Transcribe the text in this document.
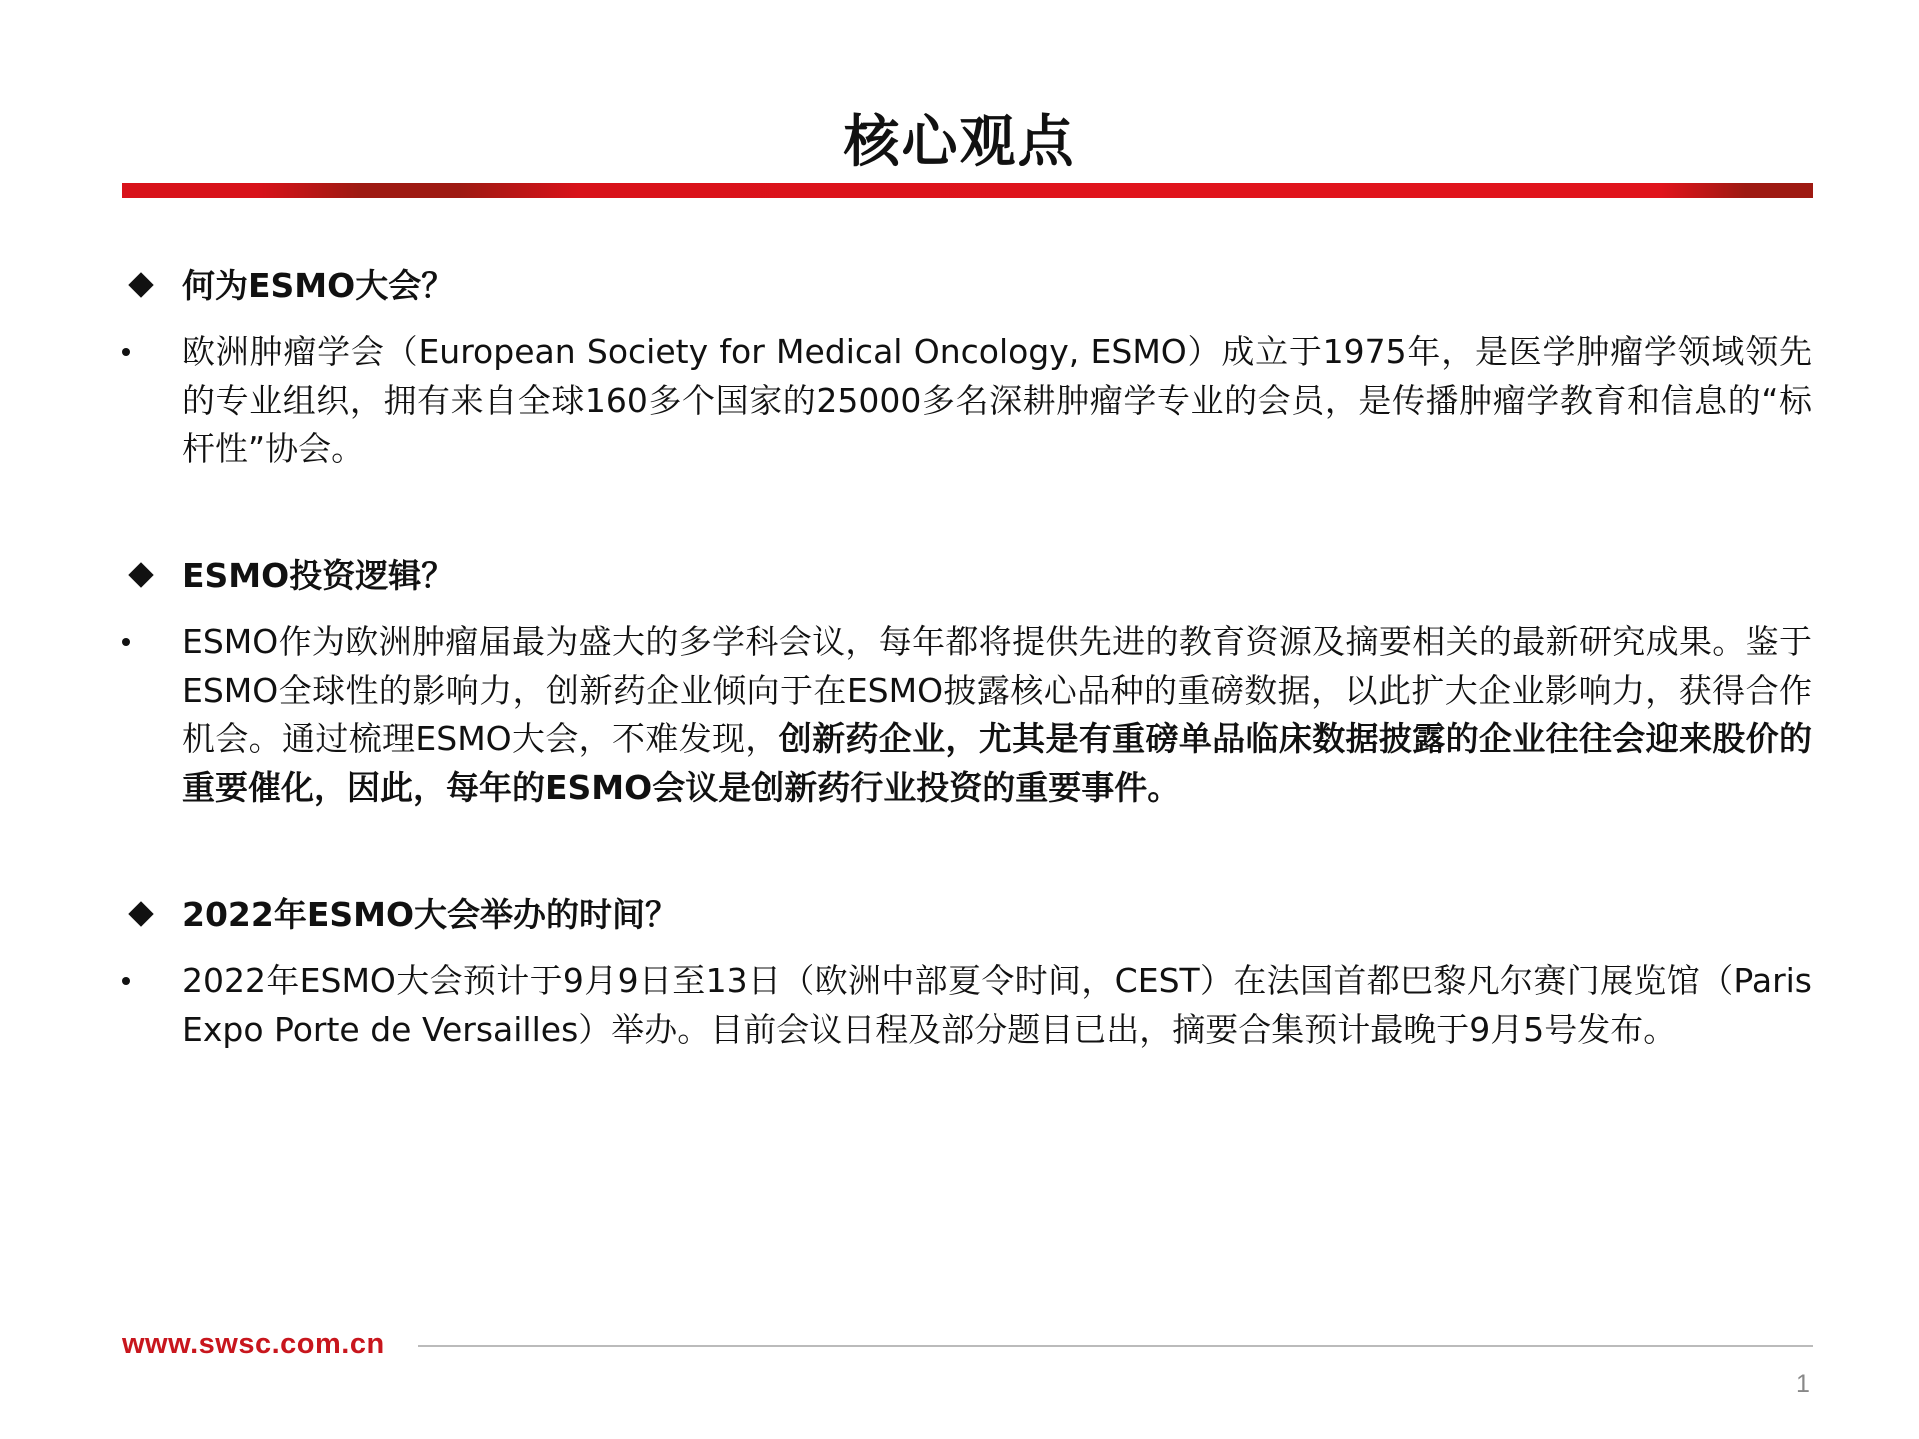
核心观点
何为ESMO大会？
欧洲肿瘤学会（European Society for Medical Oncology, ESMO）成立于1975年，是医学肿瘤学领域领先的专业组织，拥有来自全球160多个国家的25000多名深耕肿瘤学专业的会员，是传播肿瘤学教育和信息的“标杆性”协会。
ESMO投资逻辑？
ESMO作为欧洲肿瘤届最为盛大的多学科会议，每年都将提供先进的教育资源及摘要相关的最新研究成果。鉴于ESMO全球性的影响力，创新药企业倾向于在ESMO披露核心品种的重磅数据，以此扩大企业影响力，获得合作机会。通过梳理ESMO大会，不难发现，创新药企业，尤其是有重磅单品临床数据披露的企业往往会迎来股价的重要催化，因此，每年的ESMO会议是创新药行业投资的重要事件。
2022年ESMO大会举办的时间？
2022年ESMO大会预计于9月9日至13日（欧洲中部夏令时间，CEST）在法国首都巴黎凡尔赛门展览馆（Paris Expo Porte de Versailles）举办。目前会议日程及部分题目已出，摘要合集预计最晚于9月5号发布。
www.swsc.com.cn
1
